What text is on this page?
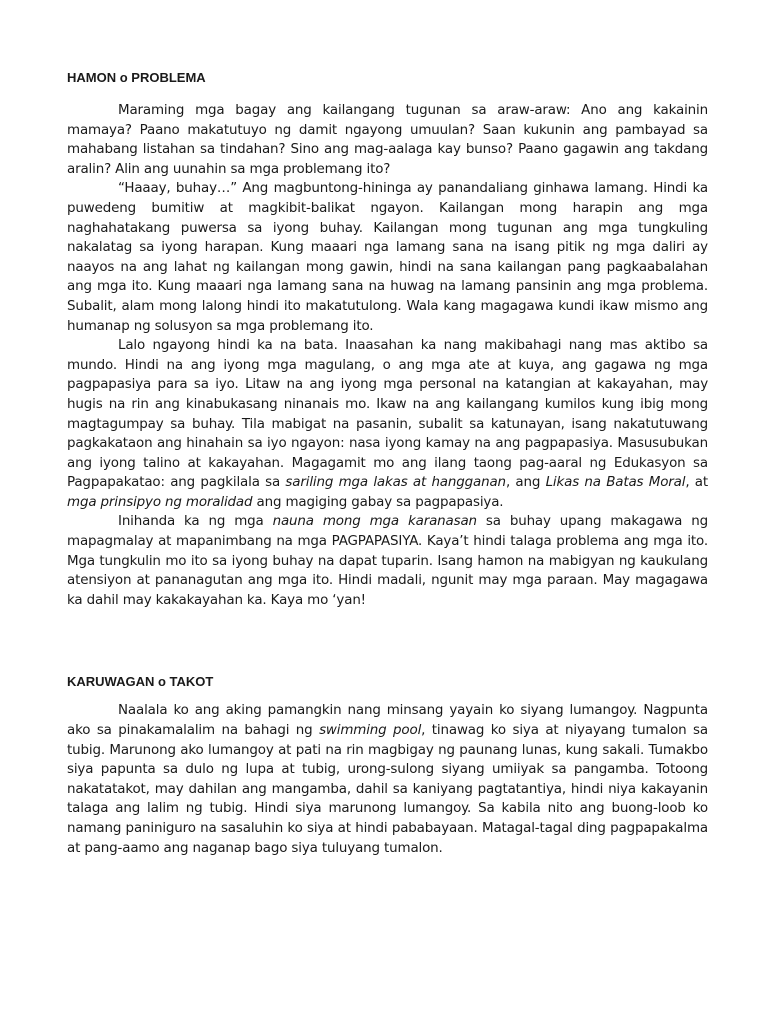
HAMON o PROBLEMA

Maraming mga bagay ang kailangang tugunan sa araw-araw: Ano ang kakainin mamaya? Paano makatutuyo ng damit ngayong umuulan? Saan kukunin ang pambayad sa mahabang listahan sa tindahan? Sino ang mag-aalaga kay bunso? Paano gagawin ang takdang aralin? Alin ang uunahin sa mga problemang ito?

“Haaay, buhay…” Ang magbuntong-hininga ay panandaliang ginhawa lamang. Hindi ka puwedeng bumitiw at magkibit-balikat ngayon. Kailangan mong harapin ang mga naghahatakang puwersa sa iyong buhay. Kailangan mong tugunan ang mga tungkuling nakalatag sa iyong harapan. Kung maaari nga lamang sana na isang pitik ng mga daliri ay naayos na ang lahat ng kailangan mong gawin, hindi na sana kailangan pang pagkaabalahan ang mga ito. Kung maaari nga lamang sana na huwag na lamang pansinin ang mga problema. Subalit, alam mong lalong hindi ito makatutulong. Wala kang magagawa kundi ikaw mismo ang humanap ng solusyon sa mga problemang ito.

Lalo ngayong hindi ka na bata. Inaasahan ka nang makibahagi nang mas aktibo sa mundo. Hindi na ang iyong mga magulang, o ang mga ate at kuya, ang gagawa ng mga pagpapasiya para sa iyo. Litaw na ang iyong mga personal na katangian at kakayahan, may hugis na rin ang kinabukasang ninanais mo. Ikaw na ang kailangang kumilos kung ibig mong magtagumpay sa buhay. Tila mabigat na pasanin, subalit sa katunayan, isang nakatutuwang pagkakataon ang hinahain sa iyo ngayon: nasa iyong kamay na ang pagpapasiya. Masusubukan ang iyong talino at kakayahan. Magagamit mo ang ilang taong pag-aaral ng Edukasyon sa Pagpapakatao: ang pagkilala sa sariling mga lakas at hangganan, ang Likas na Batas Moral, at mga prinsipyo ng moralidad ang magiging gabay sa pagpapasiya.

Inihanda ka ng mga nauna mong mga karanasan sa buhay upang makagawa ng mapagmalay at mapanimbang na mga PAGPAPASIYA. Kaya’t hindi talaga problema ang mga ito. Mga tungkulin mo ito sa iyong buhay na dapat tuparin. Isang hamon na mabigyan ng kaukulang atensiyon at pananagutan ang mga ito. Hindi madali, ngunit may mga paraan. May magagawa ka dahil may kakakayahan ka. Kaya mo ‘yan!

KARUWAGAN o TAKOT

Naalala ko ang aking pamangkin nang minsang yayain ko siyang lumangoy. Nagpunta ako sa pinakamalalim na bahagi ng swimming pool, tinawag ko siya at niyayang tumalon sa tubig. Marunong ako lumangoy at pati na rin magbigay ng paunang lunas, kung sakali. Tumakbo siya papunta sa dulo ng lupa at tubig, urong-sulong siyang umiiyak sa pangamba. Totoong nakatatakot, may dahilan ang mangamba, dahil sa kaniyang pagtatantiya, hindi niya kakayanin talaga ang lalim ng tubig. Hindi siya marunong lumangoy. Sa kabila nito ang buong-loob ko namang paniniguro na sasaluhin ko siya at hindi pababayaan. Matagal-tagal ding pagpapakalma at pang-aamo ang naganap bago siya tuluyang tumalon.
